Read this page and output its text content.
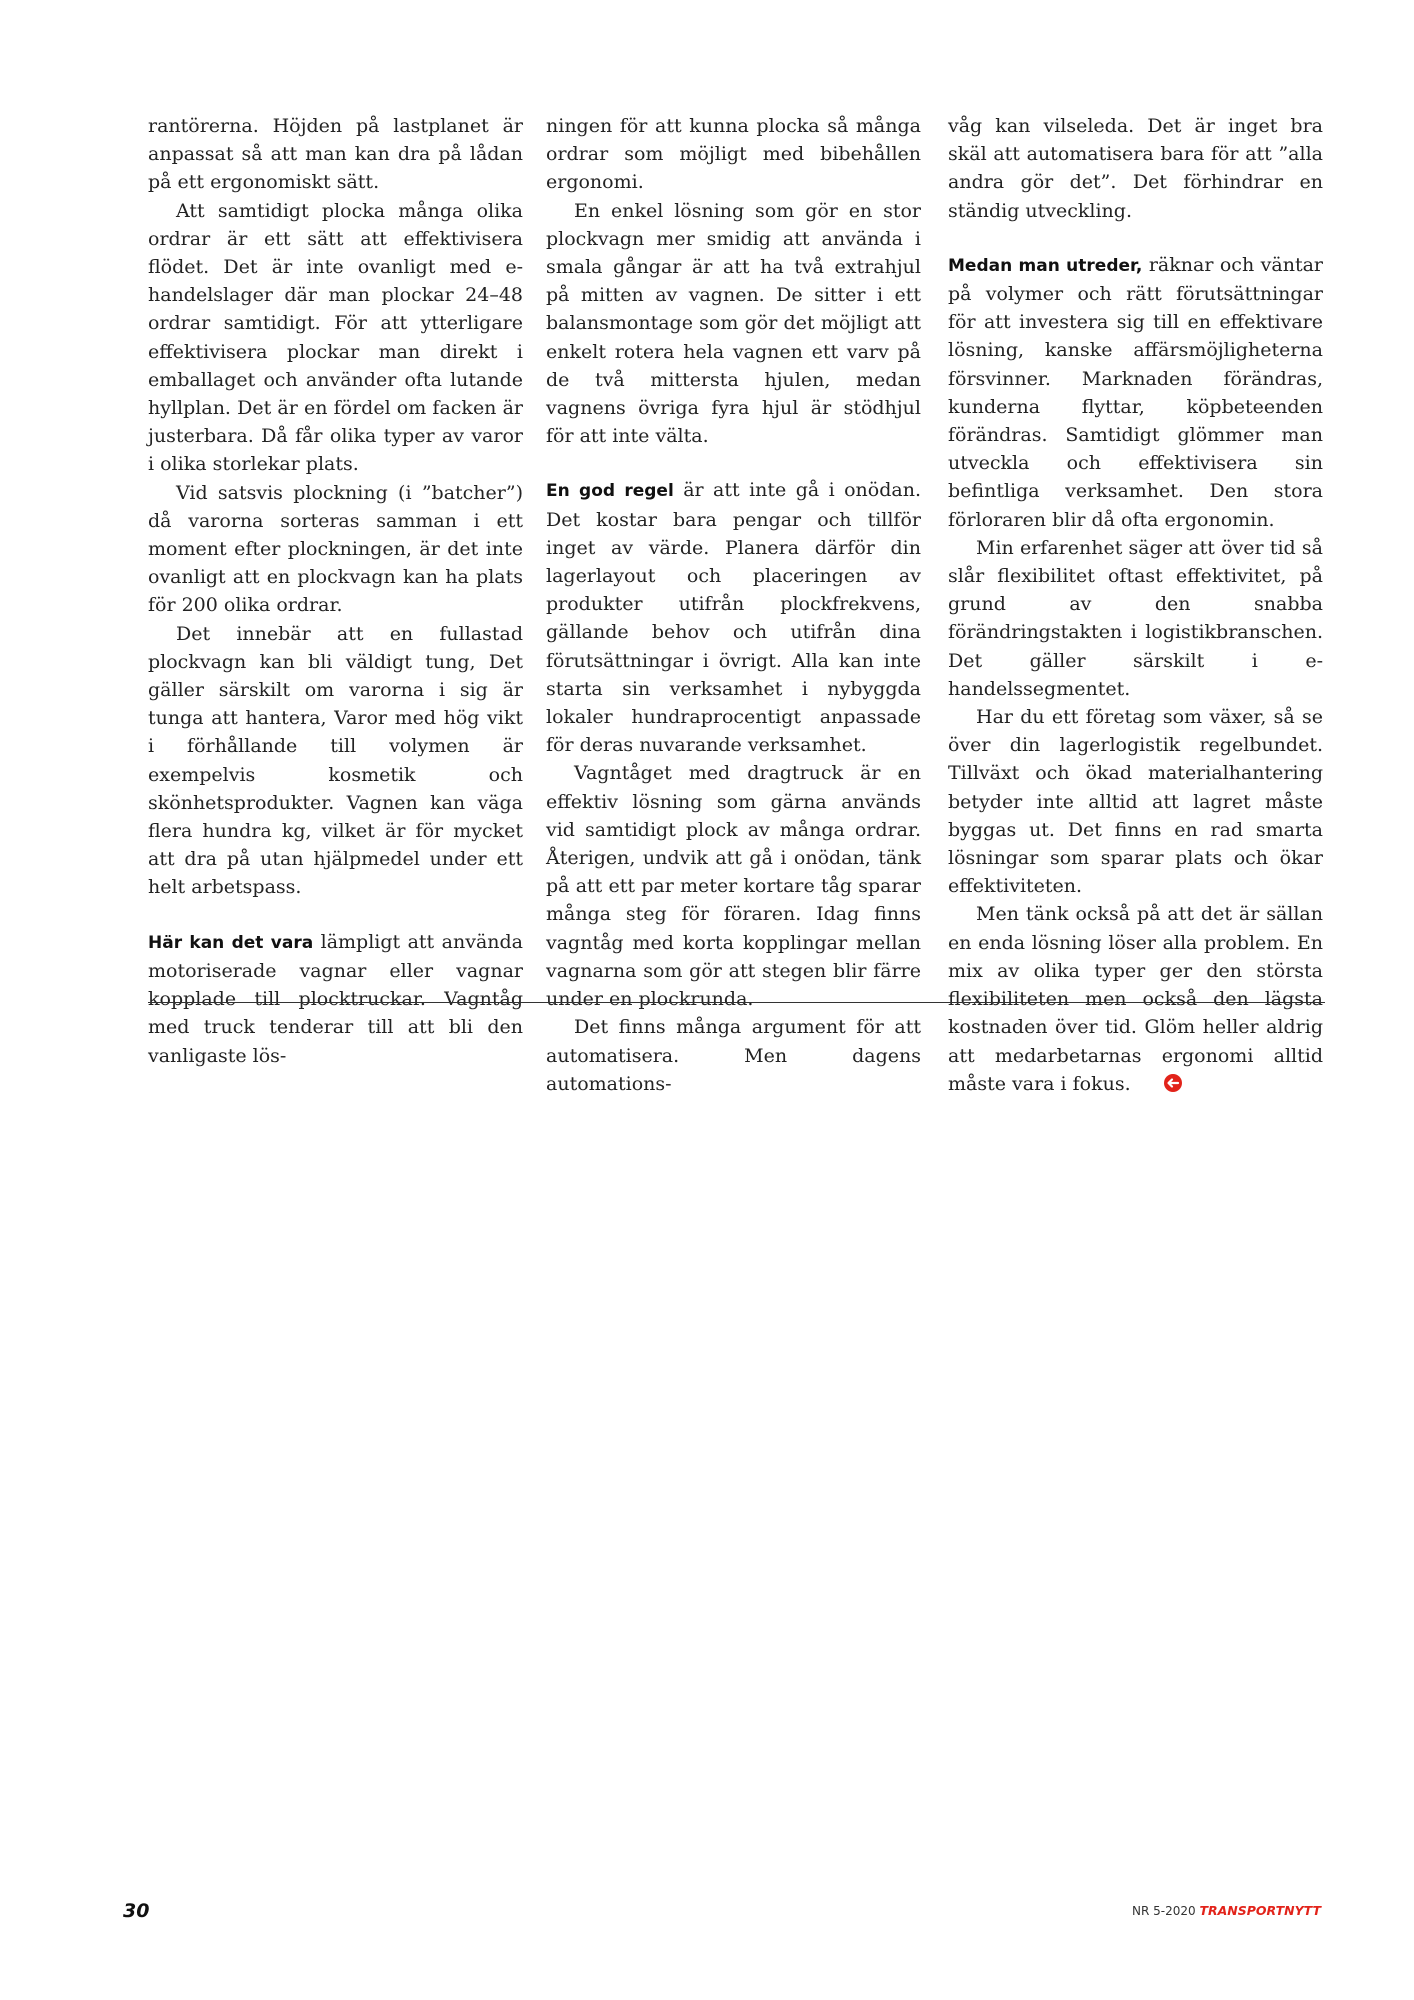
rantörerna. Höjden på lastplanet är anpassat så att man kan dra på lådan på ett ergonomiskt sätt.

Att samtidigt plocka många olika ordrar är ett sätt att effektivisera flödet. Det är inte ovanligt med e-handelslager där man plockar 24–48 ordrar samtidigt. För att ytterligare effektivisera plockar man direkt i emballaget och använder ofta lutande hyllplan. Det är en fördel om facken är justerbara. Då får olika typer av varor i olika storlekar plats.

Vid satsvis plockning (i ”batcher”) då varorna sorteras samman i ett moment efter plockningen, är det inte ovanligt att en plockvagn kan ha plats för 200 olika ordrar.

Det innebär att en fullastad plockvagn kan bli väldigt tung, Det gäller särskilt om varorna i sig är tunga att hantera, Varor med hög vikt i förhållande till volymen är exempelvis kosmetik och skönhetsprodukter. Vagnen kan väga flera hundra kg, vilket är för mycket att dra på utan hjälpmedel under ett helt arbetspass.

Här kan det vara lämpligt att använda motoriserade vagnar eller vagnar kopplade till plocktruckar. Vagntåg med truck tenderar till att bli den vanligaste lös-

ningen för att kunna plocka så många ordrar som möjligt med bibehållen ergonomi.

En enkel lösning som gör en stor plockvagn mer smidig att använda i smala gångar är att ha två extrahjul på mitten av vagnen. De sitter i ett balansmontage som gör det möjligt att enkelt rotera hela vagnen ett varv på de två mittersta hjulen, medan vagnens övriga fyra hjul är stödhjul för att inte välta.

En god regel är att inte gå i onödan. Det kostar bara pengar och tillför inget av värde. Planera därför din lagerlayout och placeringen av produkter utifrån plockfrekvens, gällande behov och utifrån dina förutsättningar i övrigt. Alla kan inte starta sin verksamhet i nybyggda lokaler hundraprocentigt anpassade för deras nuvarande verksamhet.

Vagntåget med dragtruck är en effektiv lösning som gärna används vid samtidigt plock av många ordrar. Återigen, undvik att gå i onödan, tänk på att ett par meter kortare tåg sparar många steg för föraren. Idag finns vagntåg med korta kopplingar mellan vagnarna som gör att stegen blir färre under en plockrunda.

Det finns många argument för att automatisera. Men dagens automations-

våg kan vilseleda. Det är inget bra skäl att automatisera bara för att ”alla andra gör det”. Det förhindrar en ständig utveckling.

Medan man utreder, räknar och väntar på volymer och rätt förutsättningar för att investera sig till en effektivare lösning, kanske affärsmöjligheterna försvinner. Marknaden förändras, kunderna flyttar, köpbeteenden förändras. Samtidigt glömmer man utveckla och effektivisera sin befintliga verksamhet. Den stora förloraren blir då ofta ergonomin.

Min erfarenhet säger att över tid så slår flexibilitet oftast effektivitet, på grund av den snabba förändringstakten i logistikbranschen. Det gäller särskilt i e-handelssegmentet.

Har du ett företag som växer, så se över din lagerlogistik regelbundet. Tillväxt och ökad materialhantering betyder inte alltid att lagret måste byggas ut. Det finns en rad smarta lösningar som sparar plats och ökar effektiviteten.

Men tänk också på att det är sällan en enda lösning löser alla problem. En mix av olika typer ger den största flexibiliteten men också den lägsta kostnaden över tid. Glöm heller aldrig att medarbetarnas ergonomi alltid måste vara i fokus.

30	NR 5-2020 TRANSPORTNYTT
